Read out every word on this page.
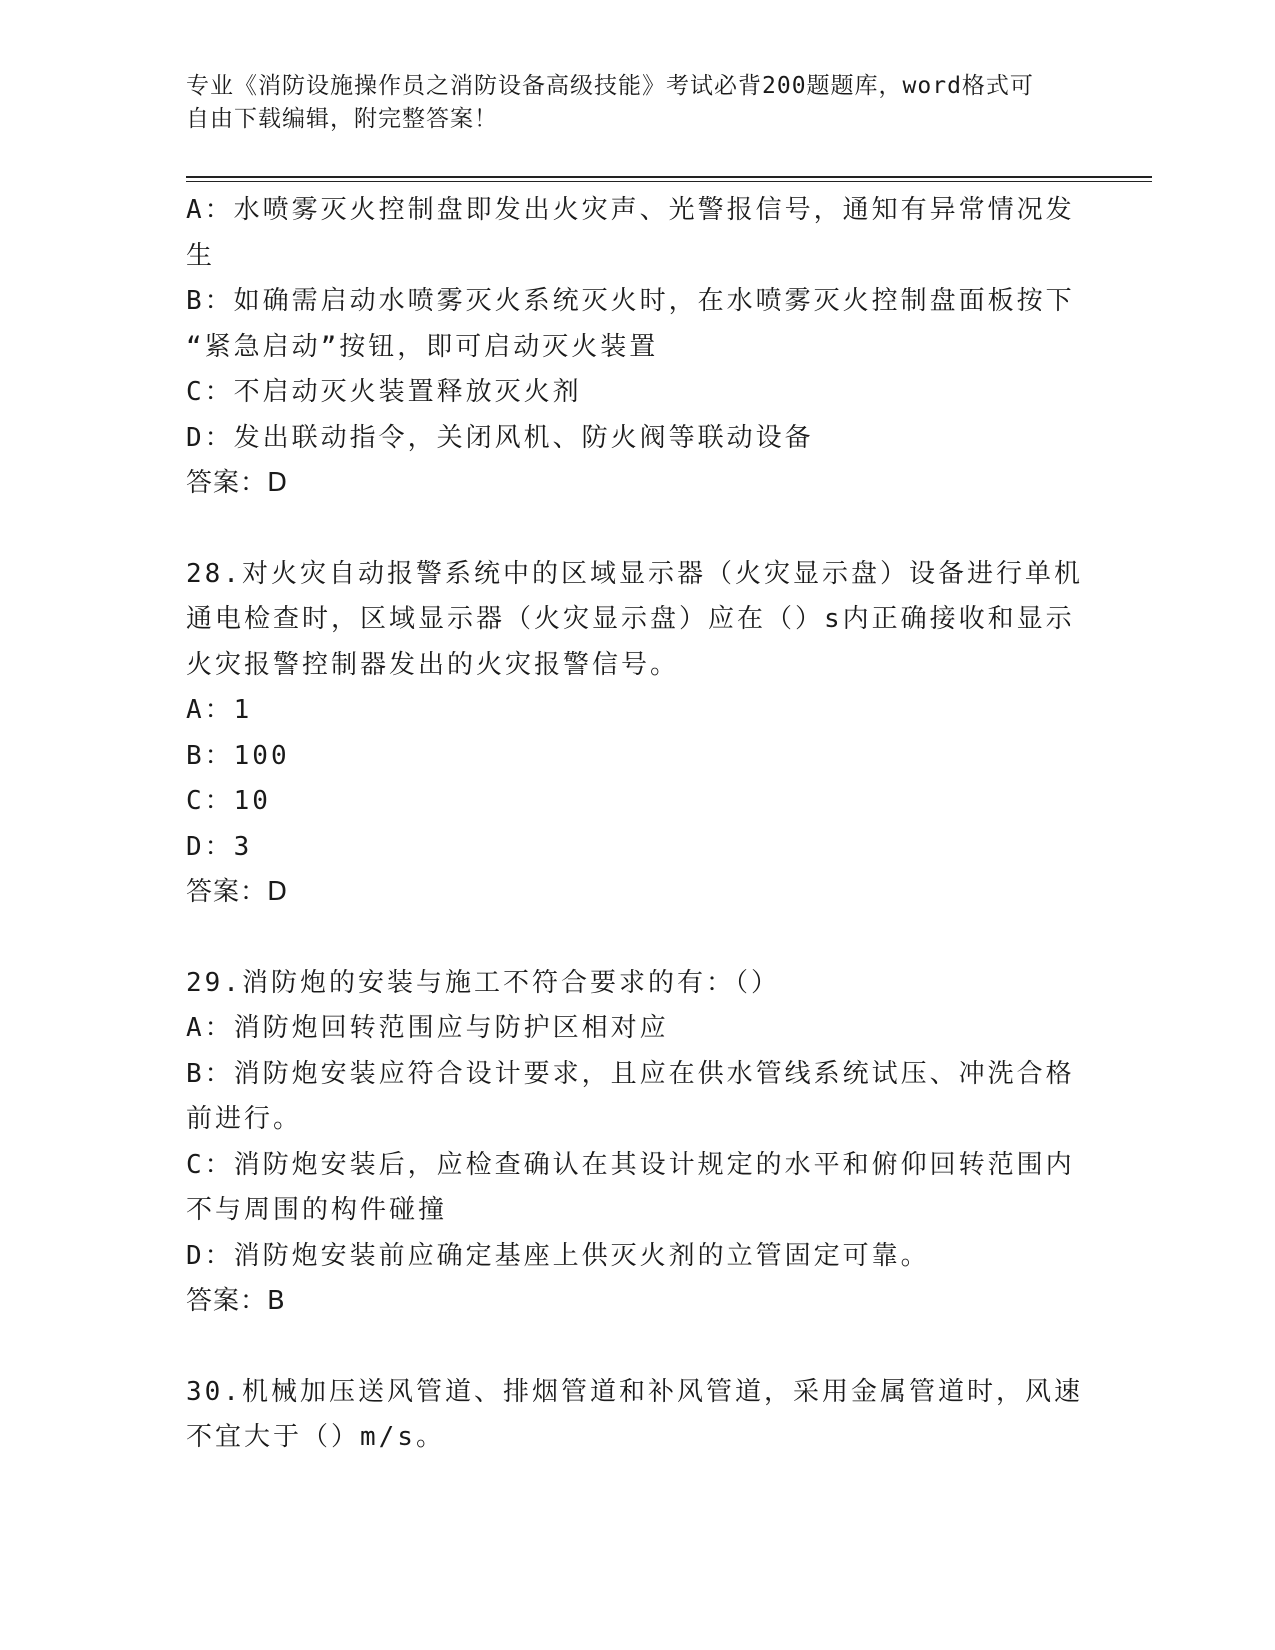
专业《消防设施操作员之消防设备高级技能》考试必背200题题库，word格式可
自由下载编辑，附完整答案！

A：水喷雾灭火控制盘即发出火灾声、光警报信号，通知有异常情况发

生

B：如确需启动水喷雾灭火系统灭火时，在水喷雾灭火控制盘面板按下

“紧急启动”按钮，即可启动灭火装置

C：不启动灭火装置释放灭火剂

D：发出联动指令，关闭风机、防火阀等联动设备

答案：D

28.对火灾自动报警系统中的区域显示器（火灾显示盘）设备进行单机

通电检查时，区域显示器（火灾显示盘）应在（）s内正确接收和显示

火灾报警控制器发出的火灾报警信号。

A：1

B：100

C：10

D：3

答案：D

29.消防炮的安装与施工不符合要求的有：（）

A：消防炮回转范围应与防护区相对应

B：消防炮安装应符合设计要求，且应在供水管线系统试压、冲洗合格

前进行。

C：消防炮安装后，应检查确认在其设计规定的水平和俯仰回转范围内

不与周围的构件碰撞

D：消防炮安装前应确定基座上供灭火剂的立管固定可靠。

答案：B

30.机械加压送风管道、排烟管道和补风管道，采用金属管道时，风速

不宜大于（）m/s。
